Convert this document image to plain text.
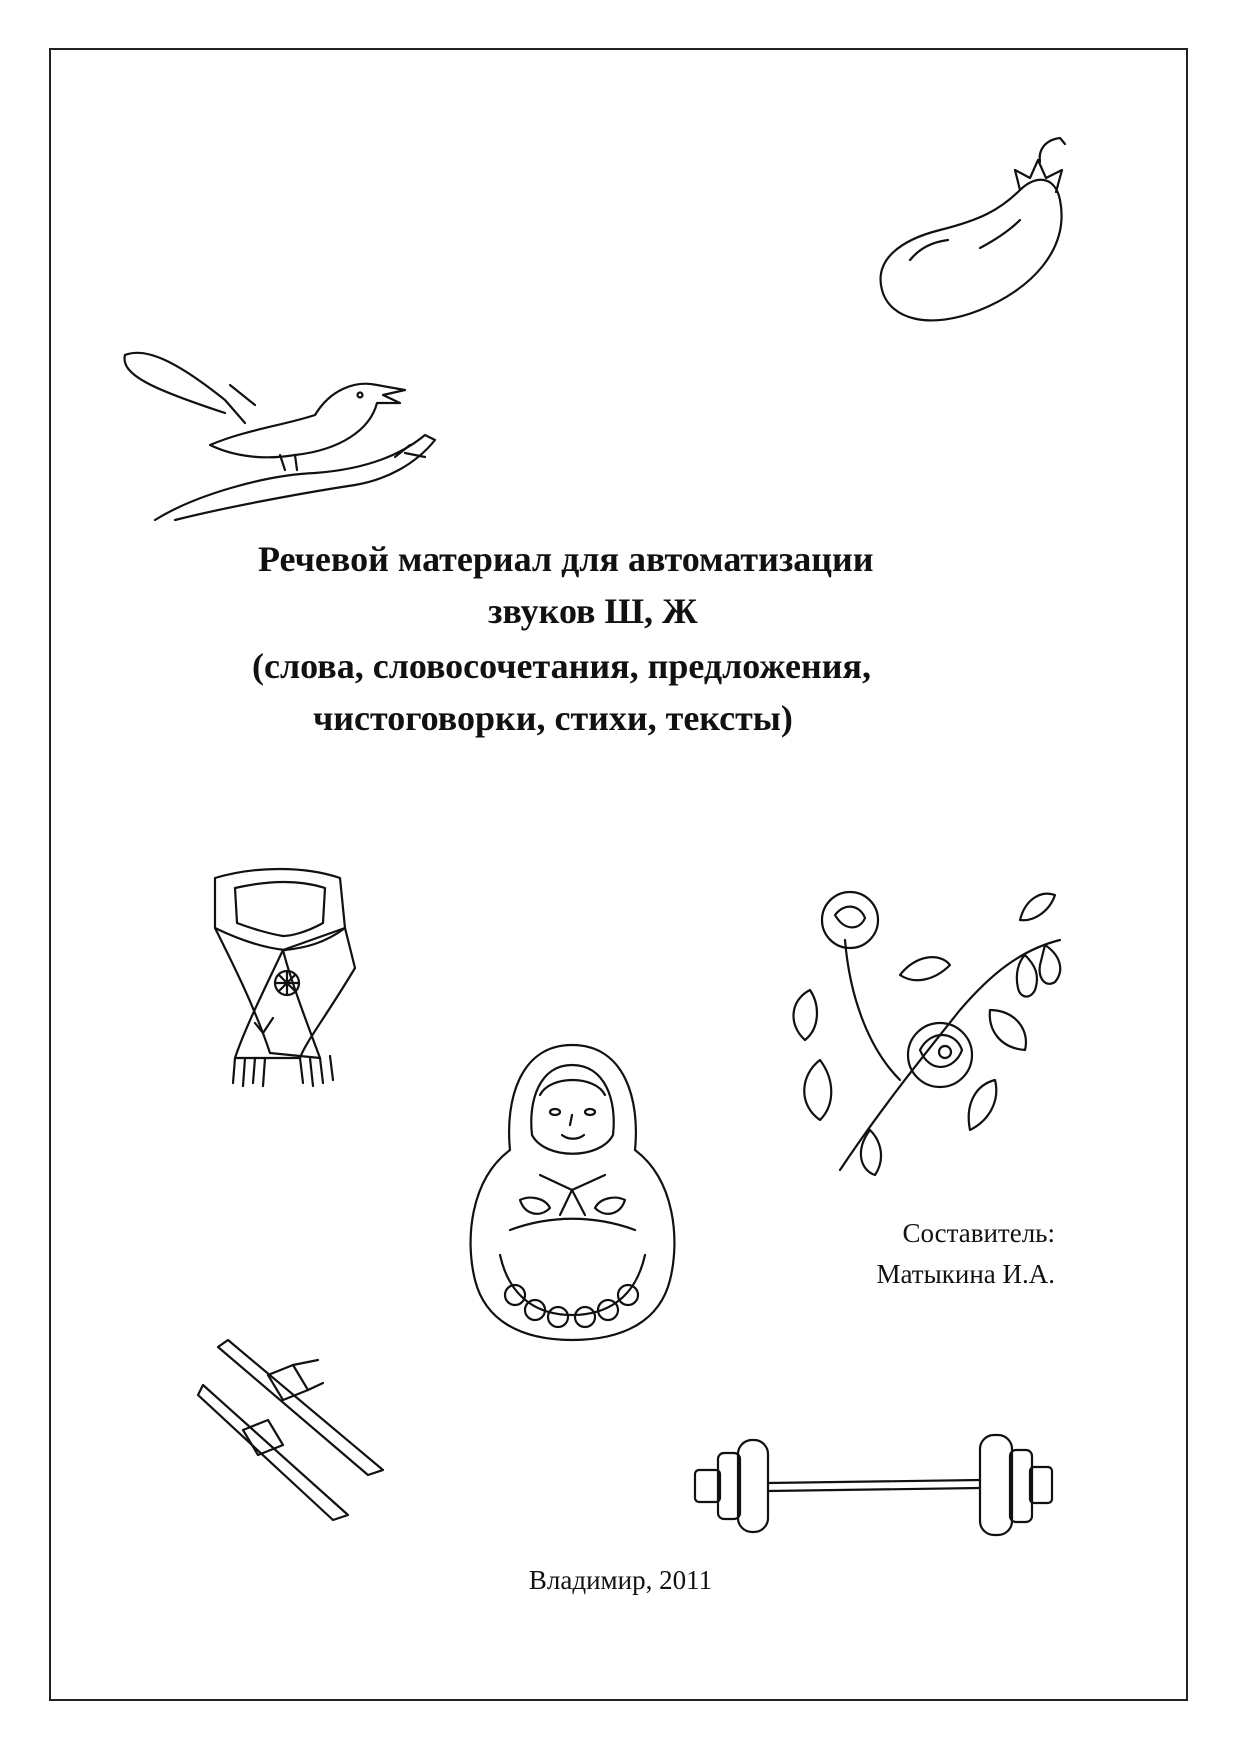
Речевой материал для автоматизации
звуков Ш, Ж
(слова, словосочетания, предложения,
чистоговорки, стихи, тексты)
Составитель:
Матыкина И.А.
Владимир, 2011
